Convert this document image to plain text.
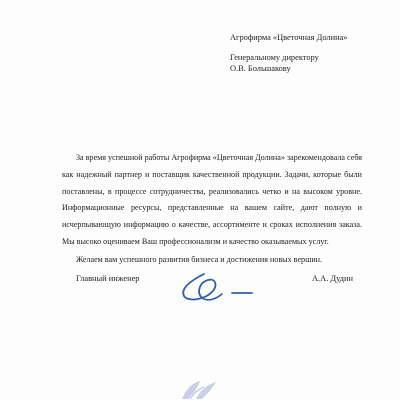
Агрофирма «Цветочная Долина»
Генеральному директору
О.В. Большакову

За время успешной работы Агрофирма «Цветочная Долина» зарекомендовала себя как надежный партнер и поставщик качественной продукции. Задачи, которые были поставлены, в процессе сотрудничества, реализовались четко и на высоком уровне. Информационные ресурсы, представленные на вашем сайте, дают полную и исчерпывающую информацию о качестве, ассортименте и сроках исполнения заказа. Мы высоко оцениваем Ваш профессионализм и качество оказываемых услуг.

Желаем вам успешного развития бизнеса и достижения новых вершин.

Главный инженер	А.А. Дудин
